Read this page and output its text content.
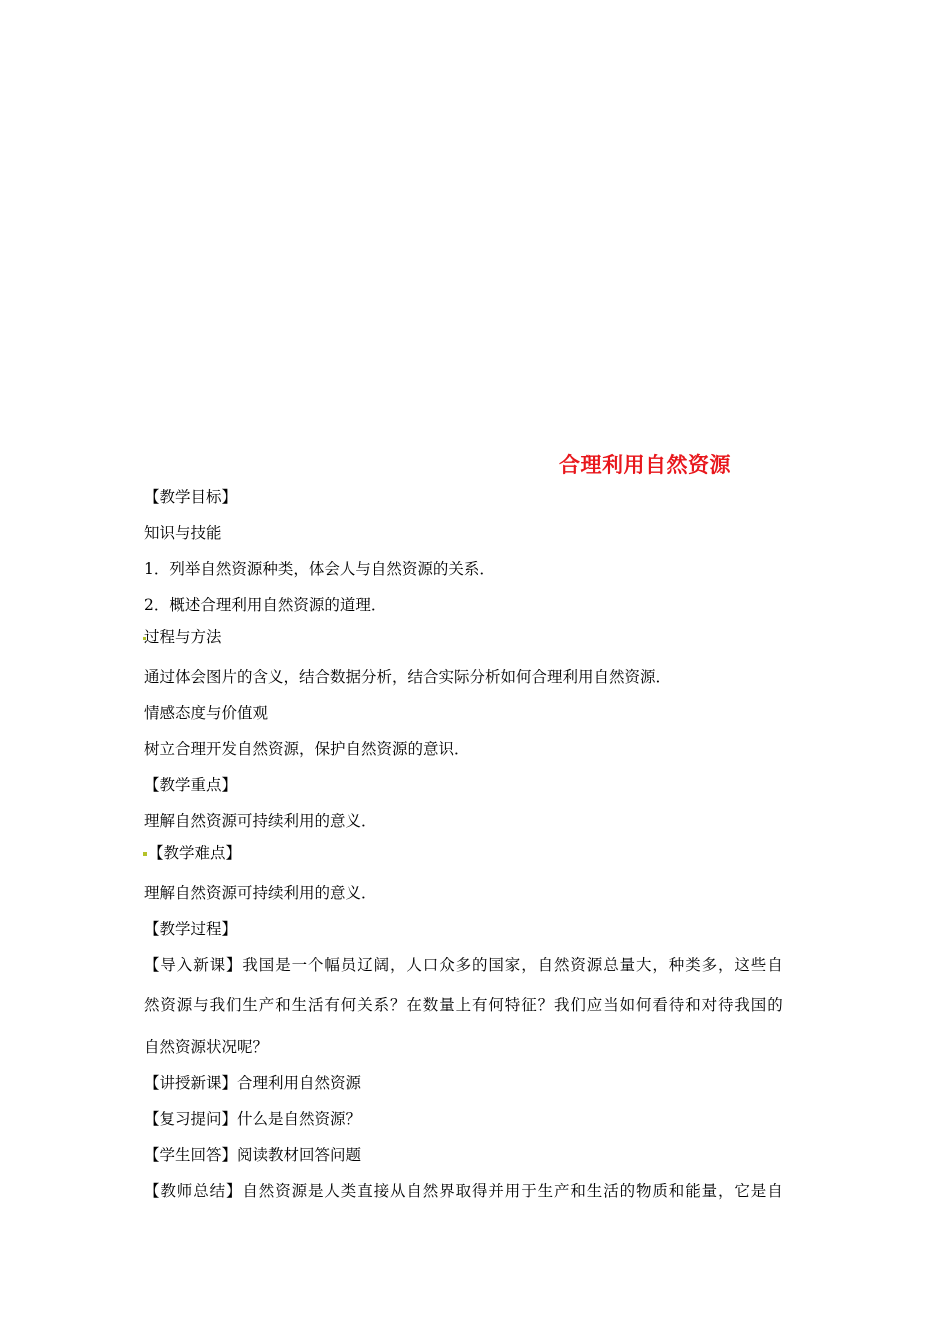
合理利用自然资源
【教学目标】
知识与技能
1．列举自然资源种类，体会人与自然资源的关系．
2．概述合理利用自然资源的道理．
过程与方法
通过体会图片的含义，结合数据分析，结合实际分析如何合理利用自然资源．
情感态度与价值观
树立合理开发自然资源，保护自然资源的意识．
【教学重点】
理解自然资源可持续利用的意义．
【教学难点】
理解自然资源可持续利用的意义．
【教学过程】
【导入新课】我国是一个幅员辽阔，人口众多的国家，自然资源总量大，种类多，这些自
然资源与我们生产和生活有何关系？在数量上有何特征？我们应当如何看待和对待我国的
自然资源状况呢？
【讲授新课】合理利用自然资源
【复习提问】什么是自然资源？
【学生回答】阅读教材回答问题
【教师总结】自然资源是人类直接从自然界取得并用于生产和生活的物质和能量，它是自
